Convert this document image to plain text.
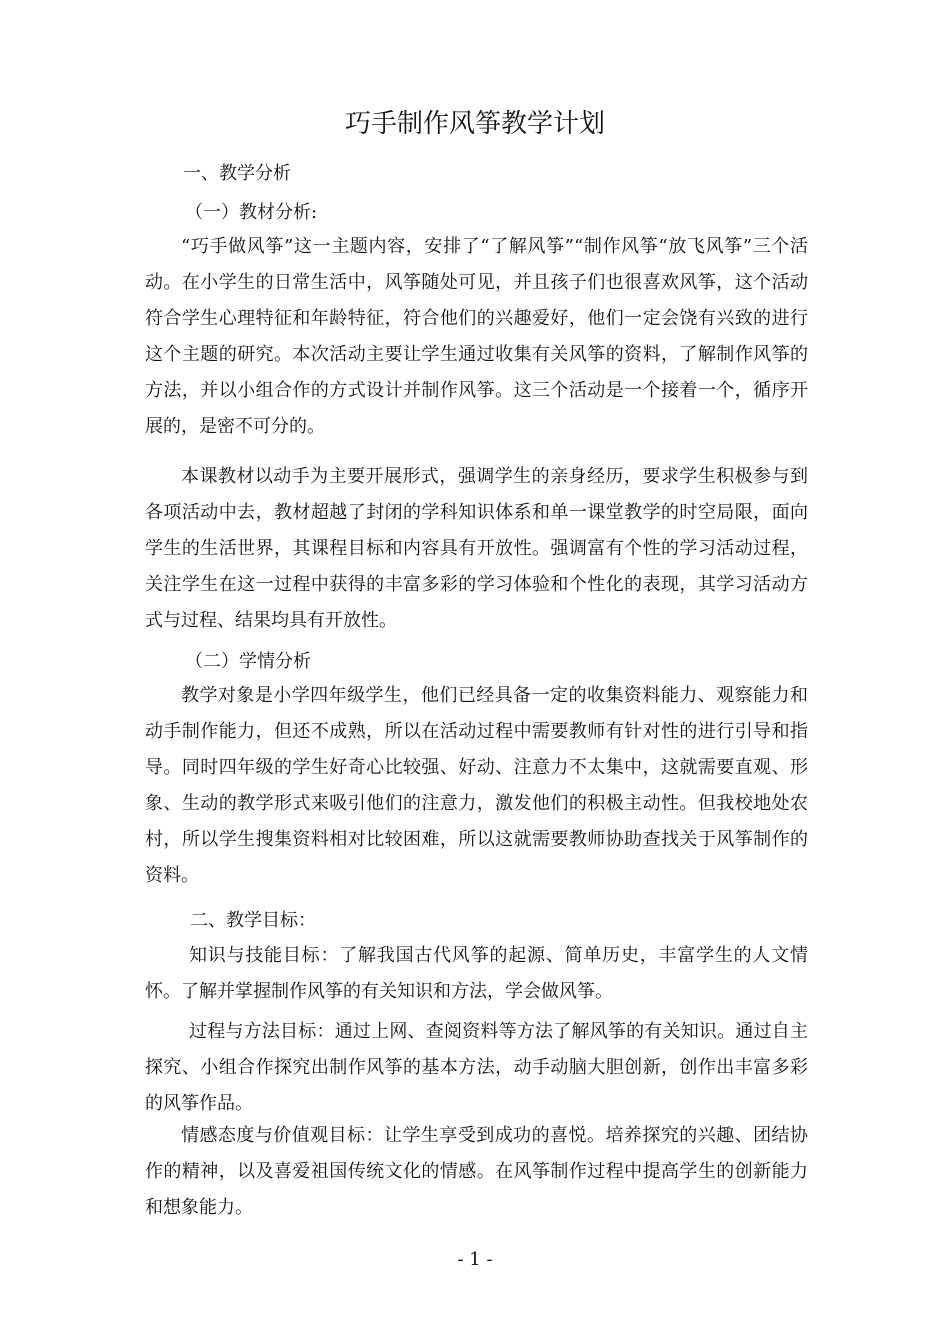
巧手制作风筝教学计划
一、教学分析
（一）教材分析:

“巧手做风筝”这一主题内容，安排了“了解风筝”“制作风筝“放飞风筝”三个活动。在小学生的日常生活中，风筝随处可见，并且孩子们也很喜欢风筝，这个活动符合学生心理特征和年龄特征，符合他们的兴趣爱好，他们一定会饶有兴致的进行这个主题的研究。本次活动主要让学生通过收集有关风筝的资料，了解制作风筝的方法，并以小组合作的方式设计并制作风筝。这三个活动是一个接着一个，循序开展的，是密不可分的。

本课教材以动手为主要开展形式，强调学生的亲身经历，要求学生积极参与到各项活动中去，教材超越了封闭的学科知识体系和单一课堂教学的时空局限，面向学生的生活世界，其课程目标和内容具有开放性。强调富有个性的学习活动过程，关注学生在这一过程中获得的丰富多彩的学习体验和个性化的表现，其学习活动方式与过程、结果均具有开放性。

（二）学情分析

教学对象是小学四年级学生，他们已经具备一定的收集资料能力、观察能力和动手制作能力，但还不成熟，所以在活动过程中需要教师有针对性的进行引导和指导。同时四年级的学生好奇心比较强、好动、注意力不太集中，这就需要直观、形象、生动的教学形式来吸引他们的注意力，激发他们的积极主动性。但我校地处农村，所以学生搜集资料相对比较困难，所以这就需要教师协助查找关于风筝制作的资料。

二、教学目标：

知识与技能目标：了解我国古代风筝的起源、简单历史，丰富学生的人文情怀。了解并掌握制作风筝的有关知识和方法，学会做风筝。

过程与方法目标：通过上网、查阅资料等方法了解风筝的有关知识。通过自主探究、小组合作探究出制作风筝的基本方法，动手动脑大胆创新，创作出丰富多彩的风筝作品。

情感态度与价值观目标：让学生享受到成功的喜悦。培养探究的兴趣、团结协作的精神，以及喜爱祖国传统文化的情感。在风筝制作过程中提高学生的创新能力和想象能力。

- 1 -
